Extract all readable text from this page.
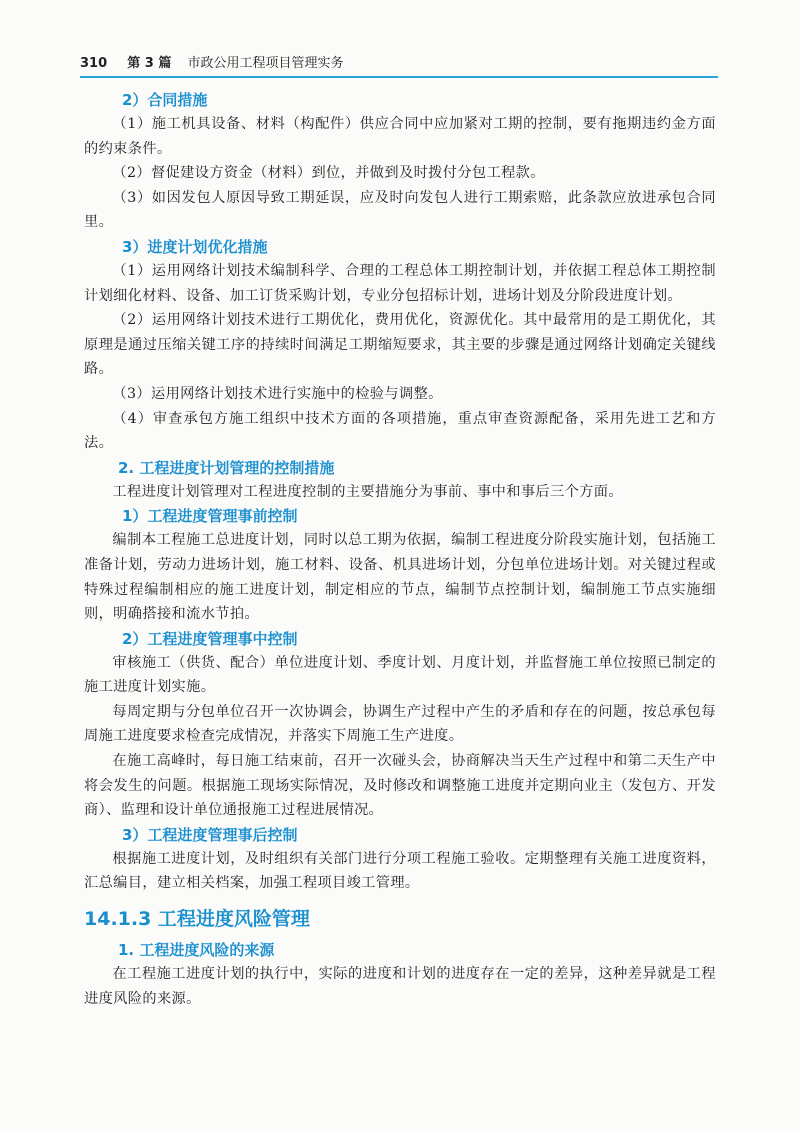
310 第 3 篇 市政公用工程项目管理实务
2）合同措施

（1）施工机具设备、材料（构配件）供应合同中应加紧对工期的控制，要有拖期违约金方面的约束条件。

（2）督促建设方资金（材料）到位，并做到及时拨付分包工程款。

（3）如因发包人原因导致工期延误，应及时向发包人进行工期索赔，此条款应放进承包合同里。

3）进度计划优化措施

（1）运用网络计划技术编制科学、合理的工程总体工期控制计划，并依据工程总体工期控制计划细化材料、设备、加工订货采购计划，专业分包招标计划，进场计划及分阶段进度计划。

（2）运用网络计划技术进行工期优化，费用优化，资源优化。其中最常用的是工期优化，其原理是通过压缩关键工序的持续时间满足工期缩短要求，其主要的步骤是通过网络计划确定关键线路。

（3）运用网络计划技术进行实施中的检验与调整。

（4）审查承包方施工组织中技术方面的各项措施，重点审查资源配备，采用先进工艺和方法。

2. 工程进度计划管理的控制措施

工程进度计划管理对工程进度控制的主要措施分为事前、事中和事后三个方面。

1）工程进度管理事前控制

编制本工程施工总进度计划，同时以总工期为依据，编制工程进度分阶段实施计划，包括施工准备计划，劳动力进场计划，施工材料、设备、机具进场计划，分包单位进场计划。对关键过程或特殊过程编制相应的施工进度计划，制定相应的节点，编制节点控制计划，编制施工节点实施细则，明确搭接和流水节拍。

2）工程进度管理事中控制

审核施工（供货、配合）单位进度计划、季度计划、月度计划，并监督施工单位按照已制定的施工进度计划实施。

每周定期与分包单位召开一次协调会，协调生产过程中产生的矛盾和存在的问题，按总承包每周施工进度要求检查完成情况，并落实下周施工生产进度。

在施工高峰时，每日施工结束前，召开一次碰头会，协商解决当天生产过程中和第二天生产中将会发生的问题。根据施工现场实际情况，及时修改和调整施工进度并定期向业主（发包方、开发商）、监理和设计单位通报施工过程进展情况。

3）工程进度管理事后控制

根据施工进度计划，及时组织有关部门进行分项工程施工验收。定期整理有关施工进度资料，汇总编目，建立相关档案，加强工程项目竣工管理。

14.1.3 工程进度风险管理
1. 工程进度风险的来源

在工程施工进度计划的执行中，实际的进度和计划的进度存在一定的差异，这种差异就是工程进度风险的来源。
